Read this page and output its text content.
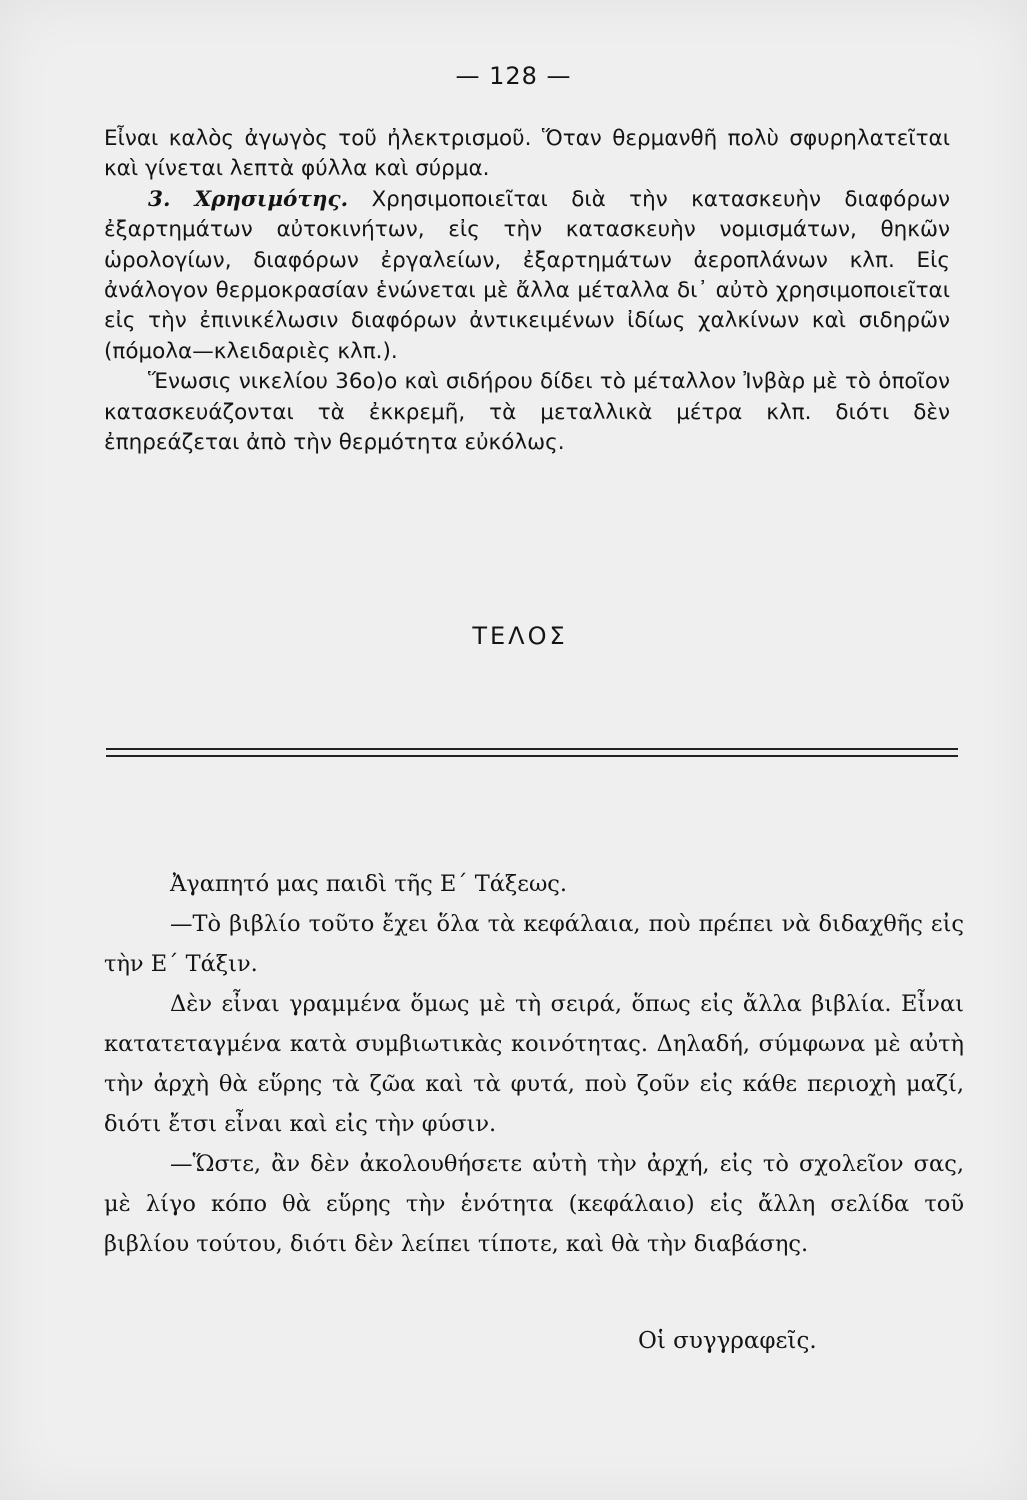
— 128 —

Εἶναι καλὸς ἀγωγὸς τοῦ ἠλεκτρισμοῦ. Ὅταν θερμανθῆ πολὺ σφυρηλατεῖται καὶ γίνεται λεπτὰ φύλλα καὶ σύρμα.

3. Χρησιμότης. Χρησιμοποιεῖται διὰ τὴν κατασκευὴν διαφόρων ἐξαρτημάτων αὐτοκινήτων, εἰς τὴν κατασκευὴν νομισμάτων, θηκῶν ὡρολογίων, διαφόρων ἐργαλείων, ἐξαρτημάτων ἀεροπλάνων κλπ. Εἰς ἀνάλογον θερμοκρασίαν ἑνώνεται μὲ ἄλλα μέταλλα δι᾽ αὐτὸ χρησιμοποιεῖται εἰς τὴν ἐπινικέλωσιν διαφόρων ἀντικειμένων ἰδίως χαλκίνων καὶ σιδηρῶν (πόμολα—κλειδαριὲς κλπ.).

Ἕνωσις νικελίου 36ο)ο καὶ σιδήρου δίδει τὸ μέταλλον Ἰνβὰρ μὲ τὸ ὁποῖον κατασκευάζονται τὰ ἐκκρεμῆ, τὰ μεταλλικὰ μέτρα κλπ. διότι δὲν ἐπηρεάζεται ἀπὸ τὴν θερμότητα εὐκόλως.

ΤΕΛΟΣ

Ἀγαπητό μας παιδὶ τῆς Ε΄ Τάξεως.

—Τὸ βιβλίο τοῦτο ἔχει ὅλα τὰ κεφάλαια, ποὺ πρέπει νὰ διδαχθῆς εἰς τὴν Ε΄ Τάξιν.

Δὲν εἶναι γραμμένα ὅμως μὲ τὴ σειρά, ὅπως εἰς ἄλλα βιβλία. Εἶναι κατατεταγμένα κατὰ συμβιωτικὰς κοινότητας. Δηλαδή, σύμφωνα μὲ αὐτὴ τὴν ἀρχὴ θὰ εὕρης τὰ ζῶα καὶ τὰ φυτά, ποὺ ζοῦν εἰς κάθε περιοχὴ μαζί, διότι ἔτσι εἶναι καὶ εἰς τὴν φύσιν.

—Ὥστε, ἂν δὲν ἀκολουθήσετε αὐτὴ τὴν ἀρχή, εἰς τὸ σχολεῖον σας, μὲ λίγο κόπο θὰ εὕρης τὴν ἑνότητα (κεφάλαιο) εἰς ἄλλη σελίδα τοῦ βιβλίου τούτου, διότι δὲν λείπει τίποτε, καὶ θὰ τὴν διαβάσης.

Οἱ συγγραφεῖς.
